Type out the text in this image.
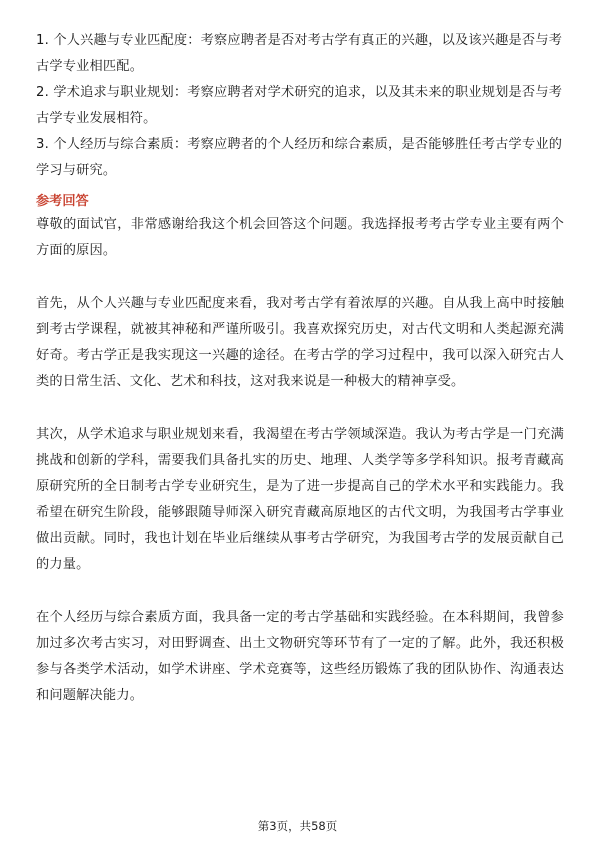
1. 个人兴趣与专业匹配度：考察应聘者是否对考古学有真正的兴趣，以及该兴趣是否与考古学专业相匹配。

2. 学术追求与职业规划：考察应聘者对学术研究的追求，以及其未来的职业规划是否与考古学专业发展相符。

3. 个人经历与综合素质：考察应聘者的个人经历和综合素质，是否能够胜任考古学专业的学习与研究。

参考回答

尊敬的面试官，非常感谢给我这个机会回答这个问题。我选择报考考古学专业主要有两个方面的原因。

首先，从个人兴趣与专业匹配度来看，我对考古学有着浓厚的兴趣。自从我上高中时接触到考古学课程，就被其神秘和严谨所吸引。我喜欢探究历史，对古代文明和人类起源充满好奇。考古学正是我实现这一兴趣的途径。在考古学的学习过程中，我可以深入研究古人类的日常生活、文化、艺术和科技，这对我来说是一种极大的精神享受。

其次，从学术追求与职业规划来看，我渴望在考古学领域深造。我认为考古学是一门充满挑战和创新的学科，需要我们具备扎实的历史、地理、人类学等多学科知识。报考青藏高原研究所的全日制考古学专业研究生，是为了进一步提高自己的学术水平和实践能力。我希望在研究生阶段，能够跟随导师深入研究青藏高原地区的古代文明，为我国考古学事业做出贡献。同时，我也计划在毕业后继续从事考古学研究，为我国考古学的发展贡献自己的力量。

在个人经历与综合素质方面，我具备一定的考古学基础和实践经验。在本科期间，我曾参加过多次考古实习，对田野调查、出土文物研究等环节有了一定的了解。此外，我还积极参与各类学术活动，如学术讲座、学术竞赛等，这些经历锻炼了我的团队协作、沟通表达和问题解决能力。

第3页，共58页
